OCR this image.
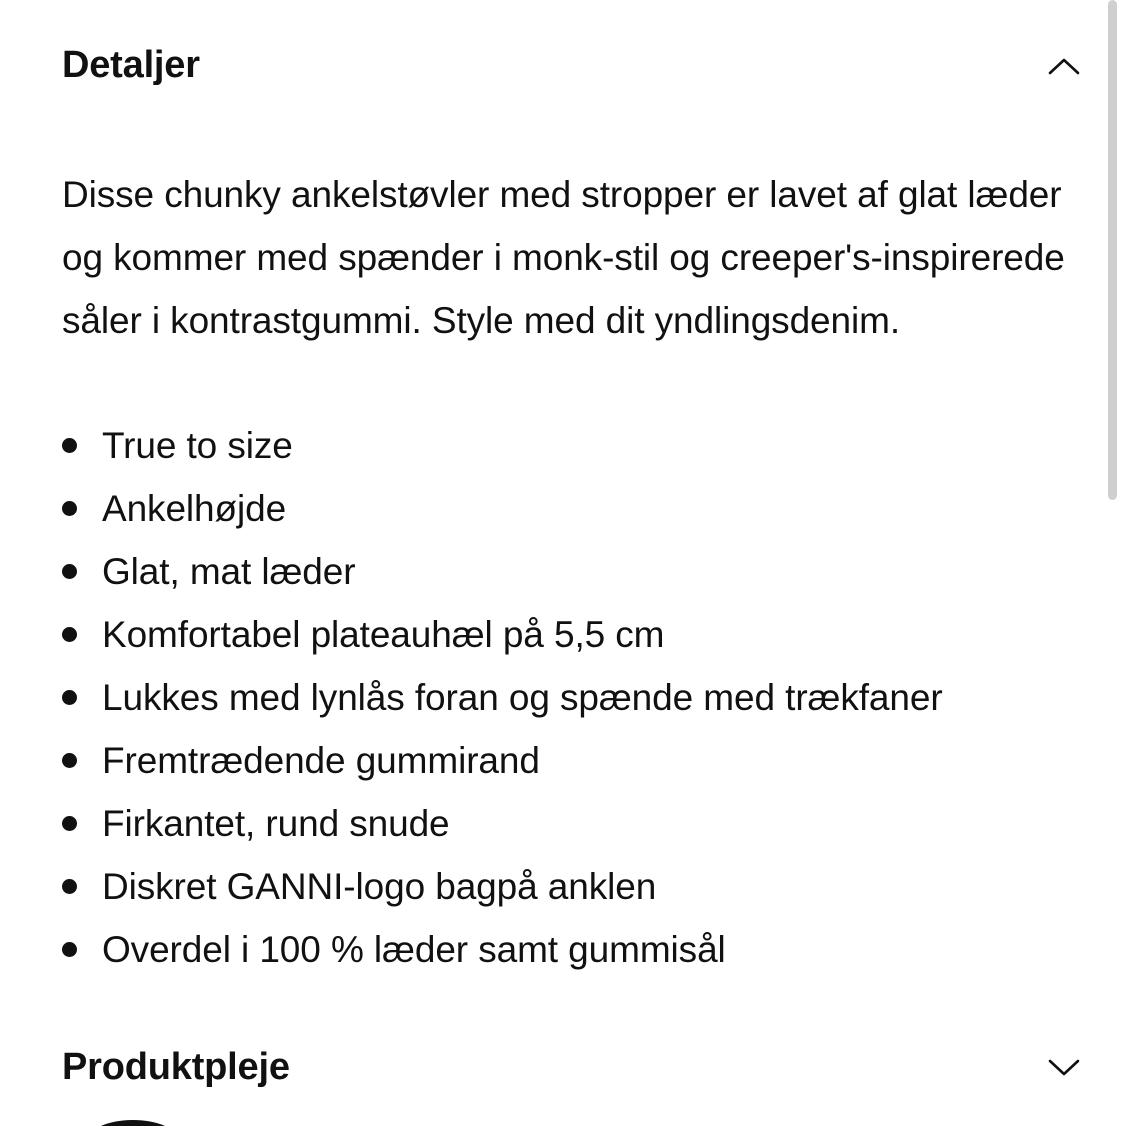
Detaljer
Disse chunky ankelstøvler med stropper er lavet af glat læder og kommer med spænder i monk-stil og creeper's-inspirerede såler i kontrastgummi. Style med dit yndlingsdenim.
True to size
Ankelhøjde
Glat, mat læder
Komfortabel plateauhæl på 5,5 cm
Lukkes med lynlås foran og spænde med trækfaner
Fremtrædende gummirand
Firkantet, rund snude
Diskret GANNI-logo bagpå anklen
Overdel i 100 % læder samt gummisål
Produktpleje
